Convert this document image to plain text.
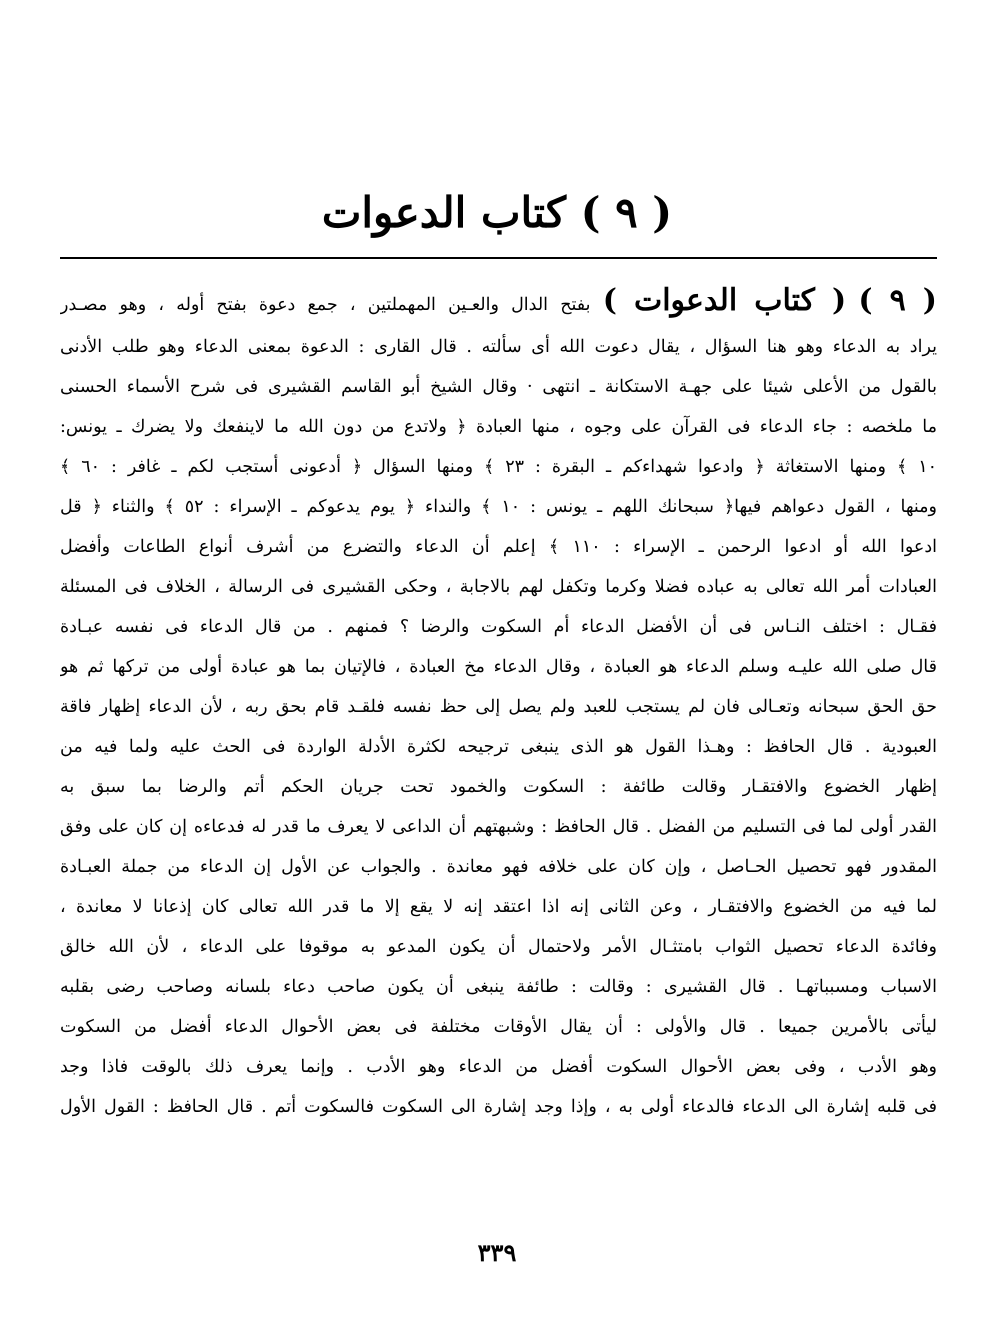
( ٩ ) كتاب الدعوات
( ٩ ) ( كتاب الدعوات ) بفتح الدال والعـين المهملتين ، جمع دعوة بفتح أوله ، وهو مصـدر
يراد به الدعاء وهو هنا السؤال ، يقال دعوت الله أى سألته . قال القارى : الدعوة بمعنى الدعاء وهو طلب الأدنى
بالقول من الأعلى شيئا على جهـة الاستكانة ـ انتهى · وقال الشيخ أبو القاسم القشيرى فى شرح الأسماء الحسنى
ما ملخصه : جاء الدعاء فى القرآن على وجوه ، منها العبادة ﴿ ولاتدع من دون الله ما لاينفعك ولا يضرك ـ يونس:
١٠ ﴾ ومنها الاستغاثة ﴿ وادعوا شهداءكم ـ البقرة : ٢٣ ﴾ ومنها السؤال ﴿ أدعونى أستجب لكم ـ غافر : ٦٠ ﴾
ومنها ، القول دعواهم فيها﴿ سبحانك اللهم ـ يونس : ١٠ ﴾ والنداء ﴿ يوم يدعوكم ـ الإسراء : ٥٢ ﴾ والثناء ﴿ قل
ادعوا الله أو ادعوا الرحمن ـ الإسراء : ١١٠ ﴾ إعلم أن الدعاء والتضرع من أشرف أنواع الطاعات وأفضل
العبادات أمر الله تعالى به عباده فضلا وكرما وتكفل لهم بالاجابة ، وحكى القشيرى فى الرسالة ، الخلاف فى المسئلة
فقـال : اختلف النـاس فى أن الأفضل الدعاء أم السكوت والرضا ؟ فمنهم . من قال الدعاء فى نفسه عبـادة
قال صلى الله عليـه وسلم الدعاء هو العبادة ، وقال الدعاء مخ العبادة ، فالإتيان بما هو عبادة أولى من تركها ثم هو
حق الحق سبحانه وتعـالى فان لم يستجب للعبد ولم يصل إلى حظ نفسه فلقـد قام بحق ربه ، لأن الدعاء إظهار فاقة
العبودية . قال الحافظ : وهـذا القول هو الذى ينبغى ترجيحه لكثرة الأدلة الواردة فى الحث عليه ولما فيه من
إظهار الخضوع والافتقـار وقالت طائفة : السكوت والخمود تحت جريان الحكم أتم والرضا بما سبق به
القدر أولى لما فى التسليم من الفضل . قال الحافظ : وشبهتهم أن الداعى لا يعرف ما قدر له فدعاءه إن كان على وفق
المقدور فهو تحصيل الحـاصل ، وإن كان على خلافه فهو معاندة . والجواب عن الأول إن الدعاء من جملة العبـادة
لما فيه من الخضوع والافتقـار ، وعن الثانى إنه اذا اعتقد إنه لا يقع إلا ما قدر الله تعالى كان إذعانا لا معاندة ،
وفائدة الدعاء تحصيل الثواب بامتثـال الأمر ولاحتمال أن يكون المدعو به موقوفا على الدعاء ، لأن الله خالق
الاسباب ومسبباتهـا . قال القشيرى : وقالت : طائفة ينبغى أن يكون صاحب دعاء بلسانه وصاحب رضى بقلبه
ليأتى بالأمرين جميعا . قال والأولى : أن يقال الأوقات مختلفة فى بعض الأحوال الدعاء أفضل من السكوت
وهو الأدب ، وفى بعض الأحوال السكوت أفضل من الدعاء وهو الأدب . وإنما يعرف ذلك بالوقت فاذا وجد
فى قلبه إشارة الى الدعاء فالدعاء أولى به ، وإذا وجد إشارة الى السكوت فالسكوت أتم . قال الحافظ : القول الأول
٣٣٩
